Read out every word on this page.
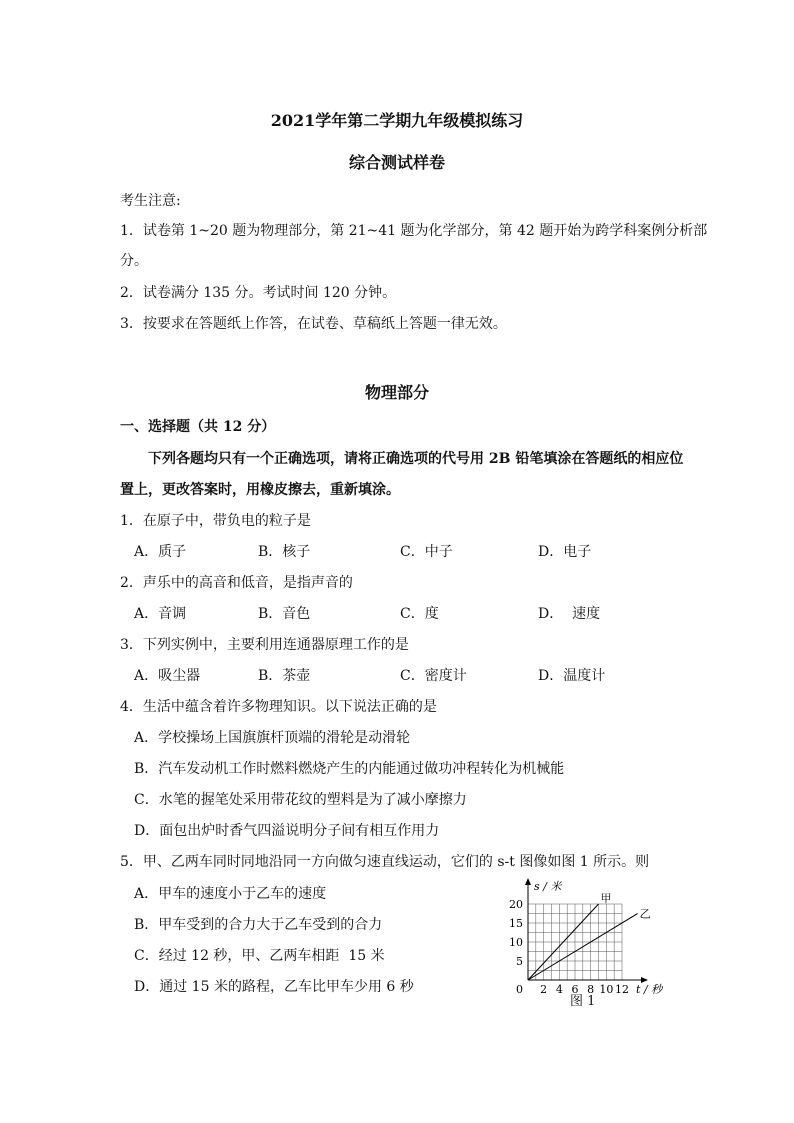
2021学年第二学期九年级模拟练习
综合测试样卷
考生注意:
1．试卷第 1~20 题为物理部分，第 21~41 题为化学部分，第 42 题开始为跨学科案例分析部
分。
2．试卷满分 135 分。考试时间 120 分钟。
3．按要求在答题纸上作答，在试卷、草稿纸上答题一律无效。
物理部分
一、选择题（共 12 分）
下列各题均只有一个正确选项，请将正确选项的代号用 2B 铅笔填涂在答题纸的相应位
置上，更改答案时，用橡皮擦去，重新填涂。
1．在原子中，带负电的粒子是
A．质子	B．核子	C．中子	D．电子
2．声乐中的高音和低音，是指声音的
A．音调	B．音色	C．度	D．  速度
3．下列实例中，主要利用连通器原理工作的是
A．吸尘器	B．茶壶	C．密度计	D．温度计
4．生活中蕴含着许多物理知识。以下说法正确的是
A．学校操场上国旗旗杆顶端的滑轮是动滑轮
B．汽车发动机工作时燃料燃烧产生的内能通过做功冲程转化为机械能
C．水笔的握笔处采用带花纹的塑料是为了减小摩擦力
D．面包出炉时香气四溢说明分子间有相互作用力
5．甲、乙两车同时同地沿同一方向做匀速直线运动，它们的 s-t 图像如图 1 所示。则
A．甲车的速度小于乙车的速度
B．甲车受到的合力大于乙车受到的合力
C．经过 12 秒，甲、乙两车相距  15 米
D．通过 15 米的路程，乙车比甲车少用 6 秒	2 4 6 8 10 12
5
10
15
20
0
s / 米
t / 秒
甲
乙
图 1
